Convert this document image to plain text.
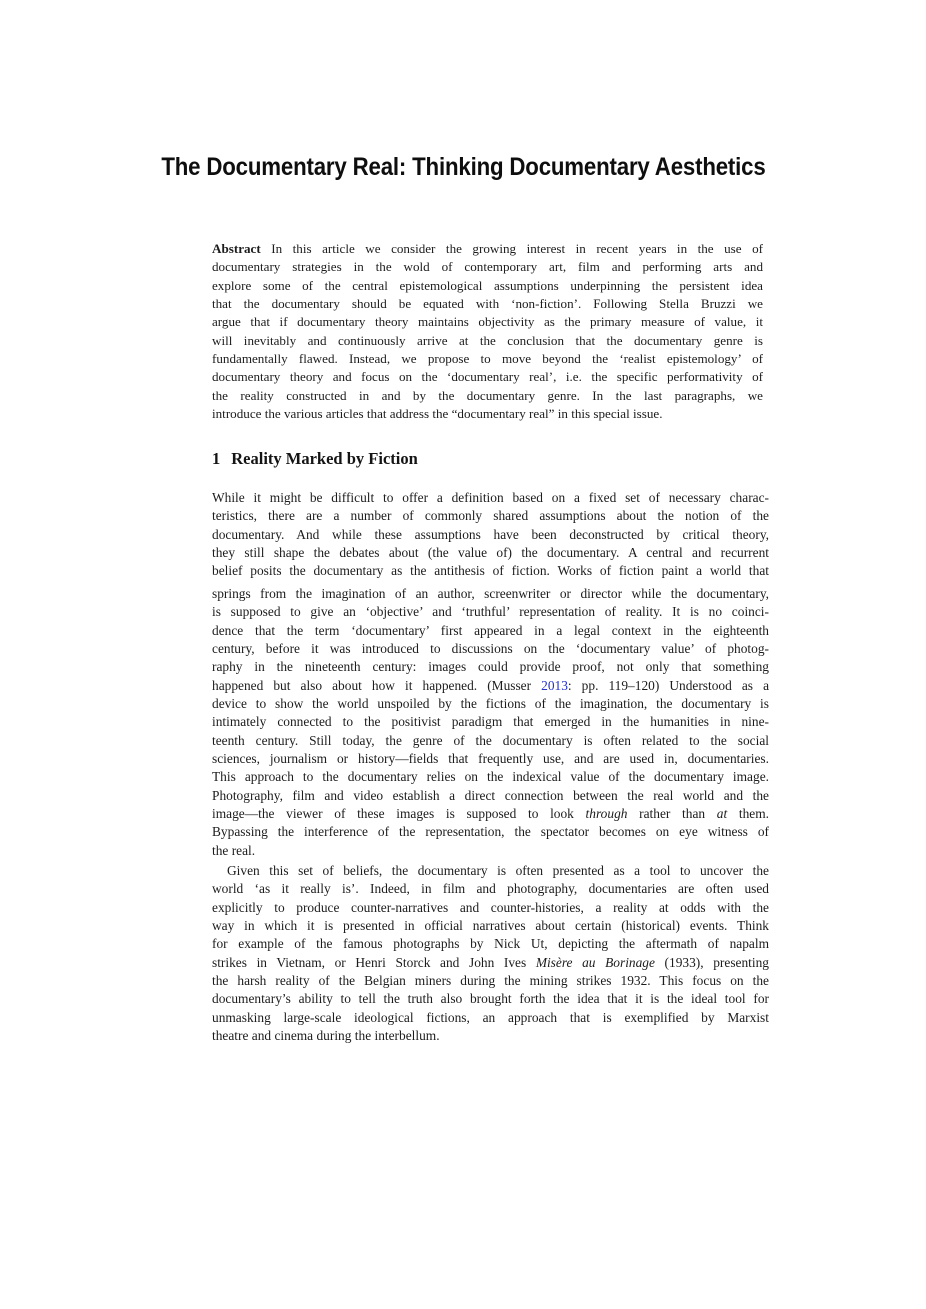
The Documentary Real: Thinking Documentary Aesthetics
Abstract In this article we consider the growing interest in recent years in the use of
documentary strategies in the wold of contemporary art, film and performing arts and
explore some of the central epistemological assumptions underpinning the persistent idea
that the documentary should be equated with ‘non-fiction’. Following Stella Bruzzi we
argue that if documentary theory maintains objectivity as the primary measure of value, it
will inevitably and continuously arrive at the conclusion that the documentary genre is
fundamentally flawed. Instead, we propose to move beyond the ‘realist epistemology’ of
documentary theory and focus on the ‘documentary real’, i.e. the specific performativity of
the reality constructed in and by the documentary genre. In the last paragraphs, we
introduce the various articles that address the “documentary real” in this special issue.
1 Reality Marked by Fiction
While it might be difficult to offer a definition based on a fixed set of necessary charac-
teristics, there are a number of commonly shared assumptions about the notion of the
documentary. And while these assumptions have been deconstructed by critical theory,
they still shape the debates about (the value of) the documentary. A central and recurrent
belief posits the documentary as the antithesis of fiction. Works of fiction paint a world that
springs from the imagination of an author, screenwriter or director while the documentary,
is supposed to give an ‘objective’ and ‘truthful’ representation of reality. It is no coinci-
dence that the term ‘documentary’ first appeared in a legal context in the eighteenth
century, before it was introduced to discussions on the ‘documentary value’ of photog-
raphy in the nineteenth century: images could provide proof, not only that something
happened but also about how it happened. (Musser 2013: pp. 119–120) Understood as a
device to show the world unspoiled by the fictions of the imagination, the documentary is
intimately connected to the positivist paradigm that emerged in the humanities in nine-
teenth century. Still today, the genre of the documentary is often related to the social
sciences, journalism or history—fields that frequently use, and are used in, documentaries.
This approach to the documentary relies on the indexical value of the documentary image.
Photography, film and video establish a direct connection between the real world and the
image—the viewer of these images is supposed to look through rather than at them.
Bypassing the interference of the representation, the spectator becomes on eye witness of
the real.
Given this set of beliefs, the documentary is often presented as a tool to uncover the
world ‘as it really is’. Indeed, in film and photography, documentaries are often used
explicitly to produce counter-narratives and counter-histories, a reality at odds with the
way in which it is presented in official narratives about certain (historical) events. Think
for example of the famous photographs by Nick Ut, depicting the aftermath of napalm
strikes in Vietnam, or Henri Storck and John Ives Misère au Borinage (1933), presenting
the harsh reality of the Belgian miners during the mining strikes 1932. This focus on the
documentary’s ability to tell the truth also brought forth the idea that it is the ideal tool for
unmasking large-scale ideological fictions, an approach that is exemplified by Marxist
theatre and cinema during the interbellum.
